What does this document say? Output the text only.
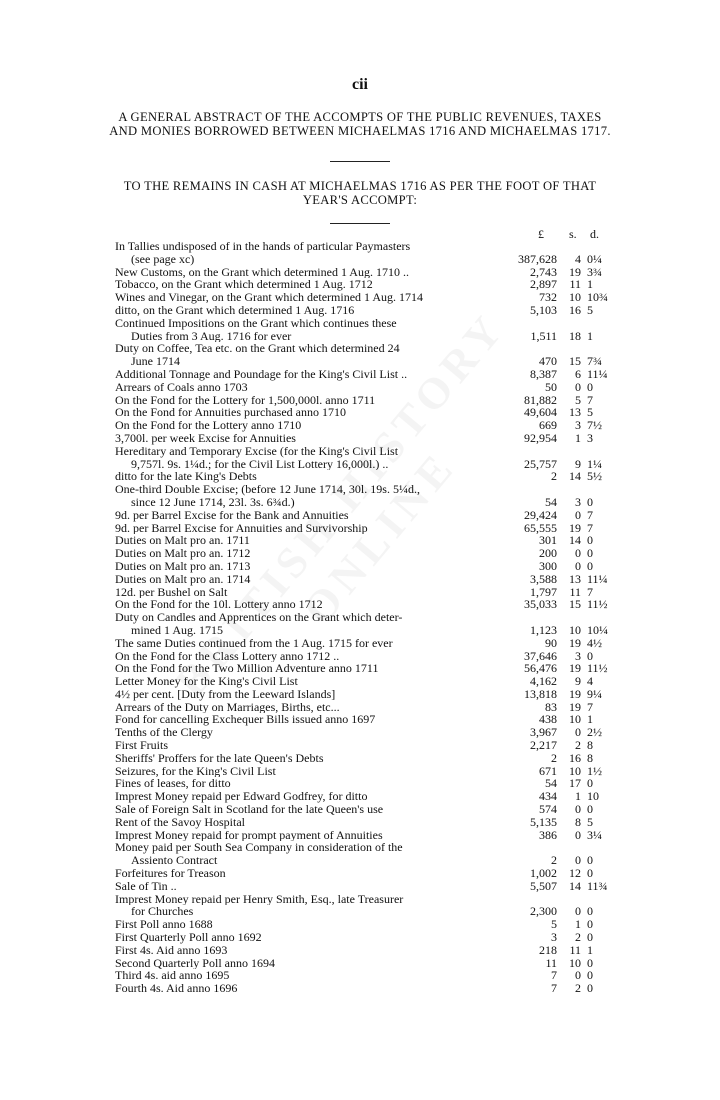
cii
A GENERAL ABSTRACT OF THE ACCOMPTS OF THE PUBLIC REVENUES, TAXES AND MONIES BORROWED BETWEEN MICHAELMAS 1716 AND MICHAELMAS 1717.
TO THE REMAINS IN CASH AT MICHAELMAS 1716 AS PER THE FOOT OF THAT YEAR'S ACCOMPT:
£ s. d.
In Tallies undisposed of in the hands of particular Paymasters
(see page xc)	387,628	4 0¼
New Customs, on the Grant which determined 1 Aug. 1710 ..	2,743	19 3¾
Tobacco, on the Grant which determined 1 Aug. 1712	2,897	11 1
Wines and Vinegar, on the Grant which determined 1 Aug. 1714	732	10 10¾
ditto, on the Grant which determined 1 Aug. 1716	5,103	16 5
Continued Impositions on the Grant which continues these
Duties from 3 Aug. 1716 for ever	1,511	18 1
Duty on Coffee, Tea etc. on the Grant which determined 24
June 1714	470	15 7¾
Additional Tonnage and Poundage for the King's Civil List ..	8,387	6 11¼
Arrears of Coals anno 1703	50	0 0
On the Fond for the Lottery for 1,500,000l. anno 1711	81,882	5 7
On the Fond for Annuities purchased anno 1710	49,604	13 5
On the Fond for the Lottery anno 1710	669	3 7½
3,700l. per week Excise for Annuities	92,954	1 3
Hereditary and Temporary Excise (for the King's Civil List
9,757l. 9s. 1¼d.; for the Civil List Lottery 16,000l.) ..	25,757	9 1¼
ditto for the late King's Debts	2	14 5½
One-third Double Excise; (before 12 June 1714, 30l. 19s. 5¼d.,
since 12 June 1714, 23l. 3s. 6¾d.)	54	3 0
9d. per Barrel Excise for the Bank and Annuities	29,424	0 7
9d. per Barrel Excise for Annuities and Survivorship	65,555	19 7
Duties on Malt pro an. 1711	301	14 0
Duties on Malt pro an. 1712	200	0 0
Duties on Malt pro an. 1713	300	0 0
Duties on Malt pro an. 1714	3,588	13 11¼
12d. per Bushel on Salt	1,797	11 7
On the Fond for the 10l. Lottery anno 1712	35,033	15 11½
Duty on Candles and Apprentices on the Grant which deter-
mined 1 Aug. 1715	1,123	10 10¼
The same Duties continued from the 1 Aug. 1715 for ever	90	19 4½
On the Fond for the Class Lottery anno 1712 ..	37,646	3 0
On the Fond for the Two Million Adventure anno 1711	56,476	19 11½
Letter Money for the King's Civil List	4,162	9 4
4½ per cent. [Duty from the Leeward Islands]	13,818	19 9¼
Arrears of the Duty on Marriages, Births, etc...	83	19 7
Fond for cancelling Exchequer Bills issued anno 1697	438	10 1
Tenths of the Clergy	3,967	0 2½
First Fruits	2,217	2 8
Sheriffs' Proffers for the late Queen's Debts	2	16 8
Seizures, for the King's Civil List	671	10 1½
Fines of leases, for ditto	54	17 0
Imprest Money repaid per Edward Godfrey, for ditto	434	1 10
Sale of Foreign Salt in Scotland for the late Queen's use	574	0 0
Rent of the Savoy Hospital	5,135	8 5
Imprest Money repaid for prompt payment of Annuities	386	0 3¼
Money paid per South Sea Company in consideration of the
Assiento Contract	2	0 0
Forfeitures for Treason	1,002	12 0
Sale of Tin ..	5,507	14 11¾
Imprest Money repaid per Henry Smith, Esq., late Treasurer
for Churches	2,300	0 0
First Poll anno 1688	5	1 0
First Quarterly Poll anno 1692	3	2 0
First 4s. Aid anno 1693	218	11 1
Second Quarterly Poll anno 1694	11	10 0
Third 4s. aid anno 1695	7	0 0
Fourth 4s. Aid anno 1696	7	2 0
